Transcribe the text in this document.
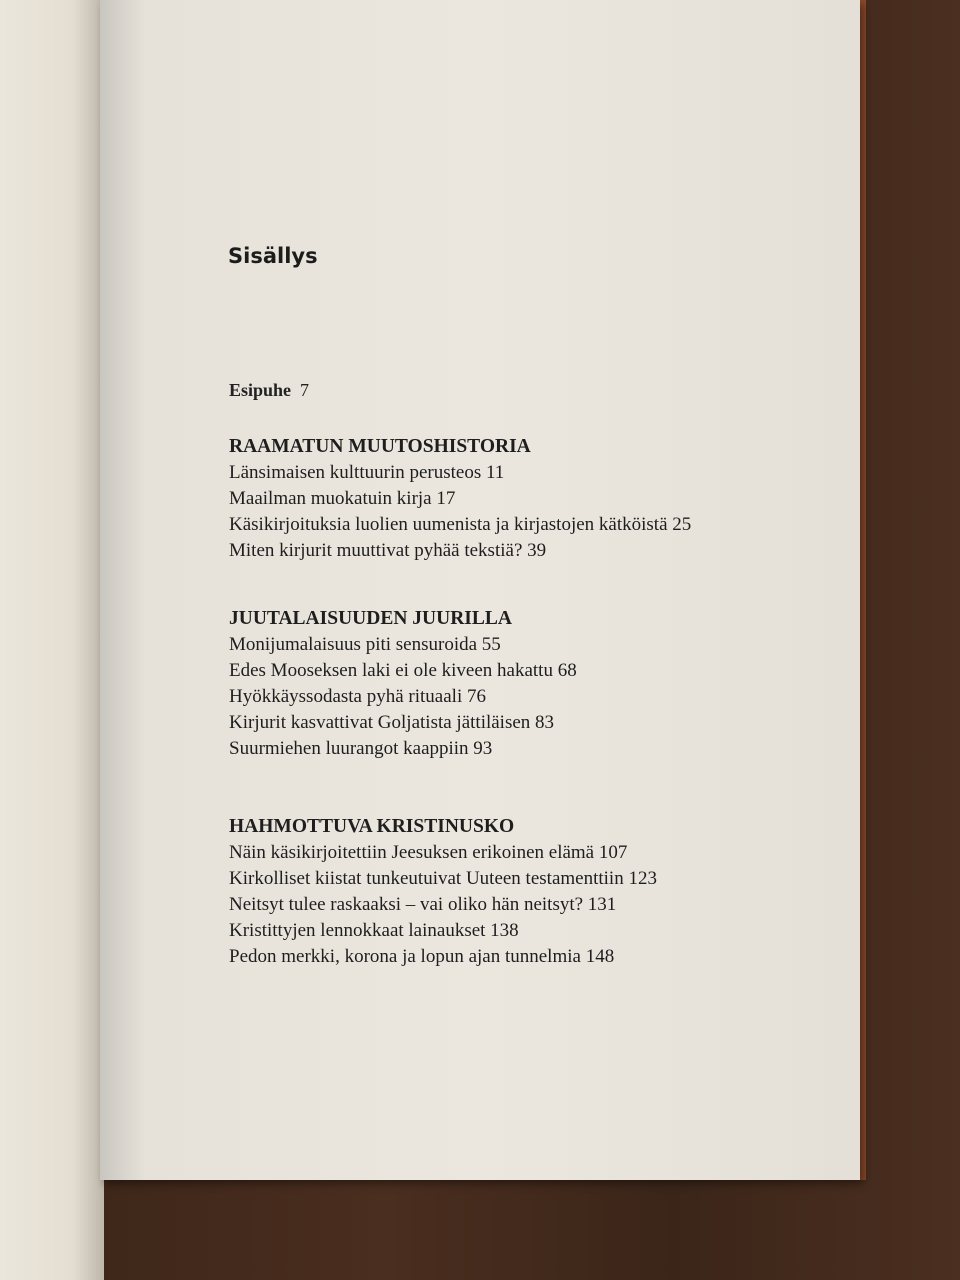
Sisällys
Esipuhe 7
RAAMATUN MUUTOSHISTORIA
Länsimaisen kulttuurin perusteos 11
Maailman muokatuin kirja 17
Käsikirjoituksia luolien uumenista ja kirjastojen kätköistä 25
Miten kirjurit muuttivat pyhää tekstiä? 39
JUUTALAISUUDEN JUURILLA
Monijumalaisuus piti sensuroida 55
Edes Mooseksen laki ei ole kiveen hakattu 68
Hyökkäyssodasta pyhä rituaali 76
Kirjurit kasvattivat Goljatista jättiläisen 83
Suurmiehen luurangot kaappiin 93
HAHMOTTUVA KRISTINUSKO
Näin käsikirjoitettiin Jeesuksen erikoinen elämä 107
Kirkolliset kiistat tunkeutuivat Uuteen testamenttiin 123
Neitsyt tulee raskaaksi – vai oliko hän neitsyt? 131
Kristittyjen lennokkaat lainaukset 138
Pedon merkki, korona ja lopun ajan tunnelmia 148
